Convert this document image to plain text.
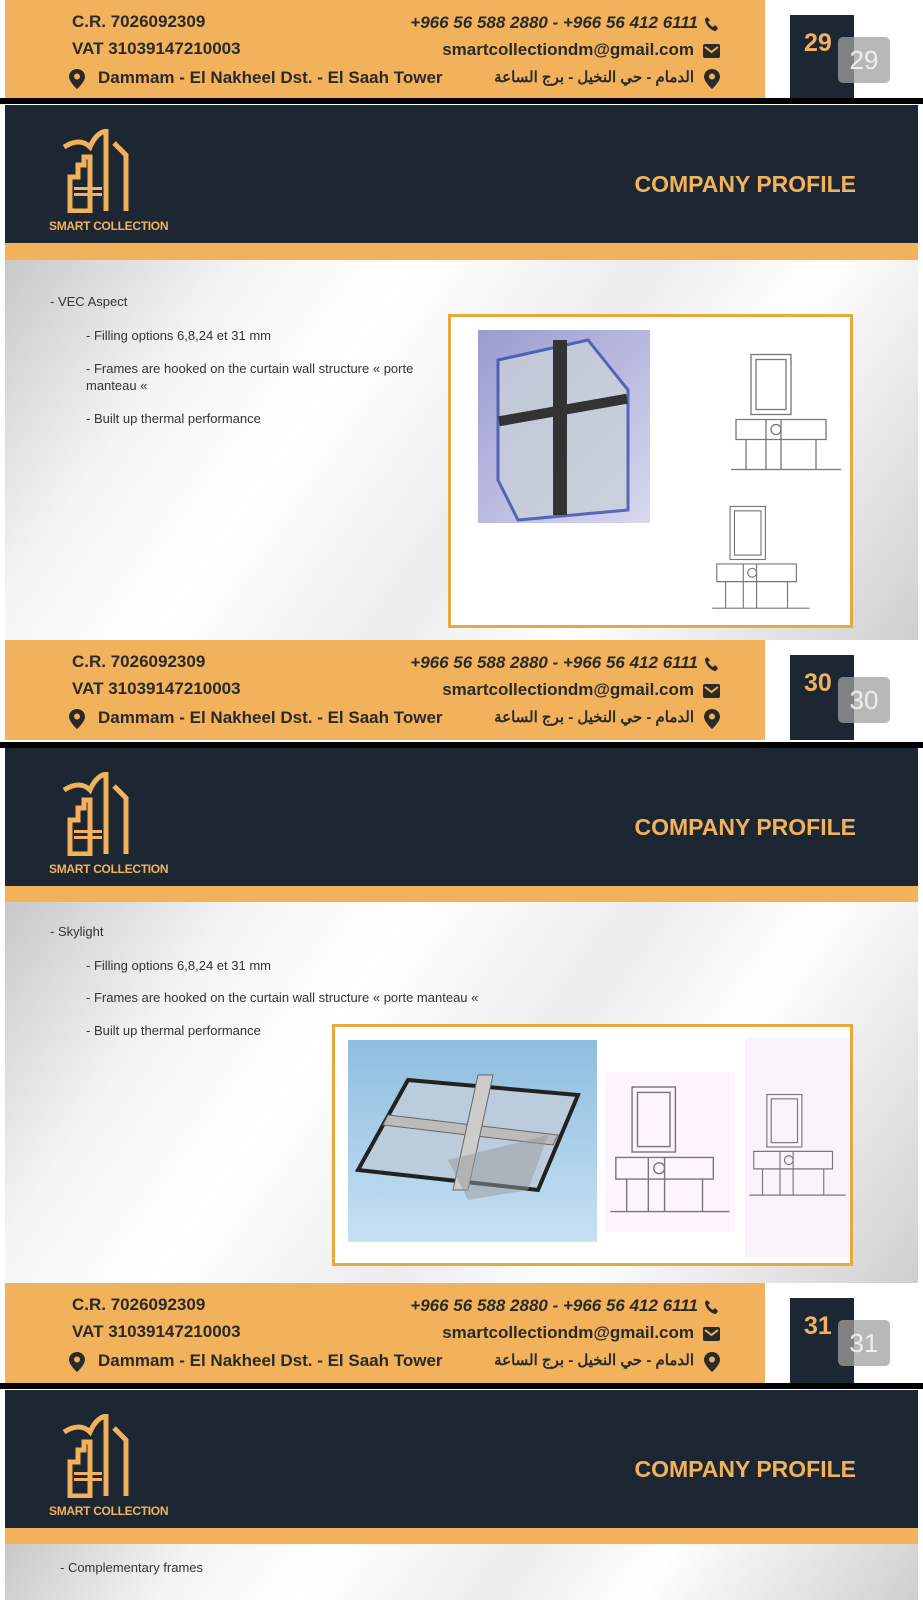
C.R. 7026092309
VAT 31039147210003
Dammam - El Nakheel Dst. - El Saah Tower
+966 56 588 2880 - +966 56 412 6111
smartcollectiondm@gmail.com
الدمام - حي النخيل - برج الساعة
29
29
SMART COLLECTION
COMPANY PROFILE
- VEC Aspect
- Filling options 6,8,24 et 31 mm
- Frames are hooked on the curtain wall structure « porte
manteau «
- Built up thermal performance
C.R. 7026092309
VAT 31039147210003
Dammam - El Nakheel Dst. - El Saah Tower
+966 56 588 2880 - +966 56 412 6111
smartcollectiondm@gmail.com
الدمام - حي النخيل - برج الساعة
30
30
SMART COLLECTION
COMPANY PROFILE
- Skylight
- Filling options 6,8,24 et 31 mm
- Frames are hooked on the curtain wall structure « porte manteau «
- Built up thermal performance
C.R. 7026092309
VAT 31039147210003
Dammam - El Nakheel Dst. - El Saah Tower
+966 56 588 2880 - +966 56 412 6111
smartcollectiondm@gmail.com
الدمام - حي النخيل - برج الساعة
31
31
SMART COLLECTION
COMPANY PROFILE
- Complementary frames
